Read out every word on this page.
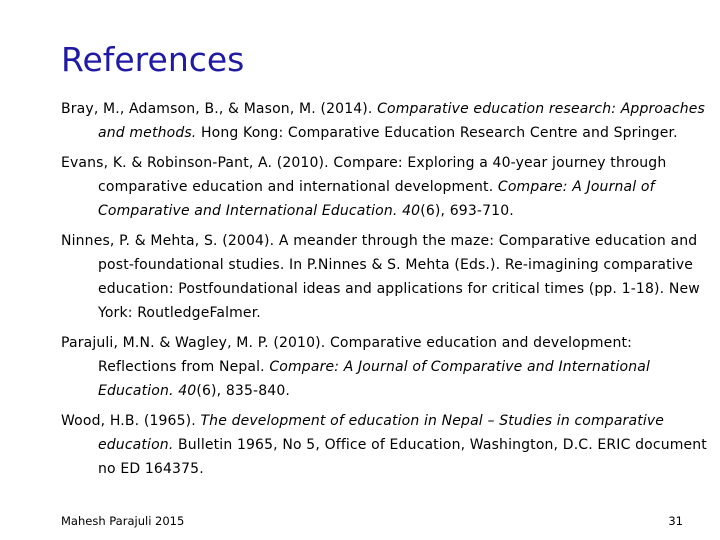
References
Bray, M., Adamson, B., & Mason, M. (2014). Comparative education research: Approaches and methods. Hong Kong: Comparative Education Research Centre and Springer.
Evans, K. & Robinson-Pant, A. (2010). Compare: Exploring a 40-year journey through comparative education and international development. Compare: A Journal of Comparative and International Education. 40(6), 693-710.
Ninnes, P. & Mehta, S. (2004). A meander through the maze: Comparative education and post-foundational studies. In P.Ninnes & S. Mehta (Eds.). Re-imagining comparative education: Postfoundational ideas and applications for critical times (pp. 1-18). New York: RoutledgeFalmer.
Parajuli, M.N. & Wagley, M. P. (2010). Comparative education and development: Reflections from Nepal. Compare: A Journal of Comparative and International Education. 40(6), 835-840.
Wood, H.B. (1965). The development of education in Nepal – Studies in comparative education. Bulletin 1965, No 5, Office of Education, Washington, D.C. ERIC document no ED 164375.
Mahesh Parajuli 2015	31
